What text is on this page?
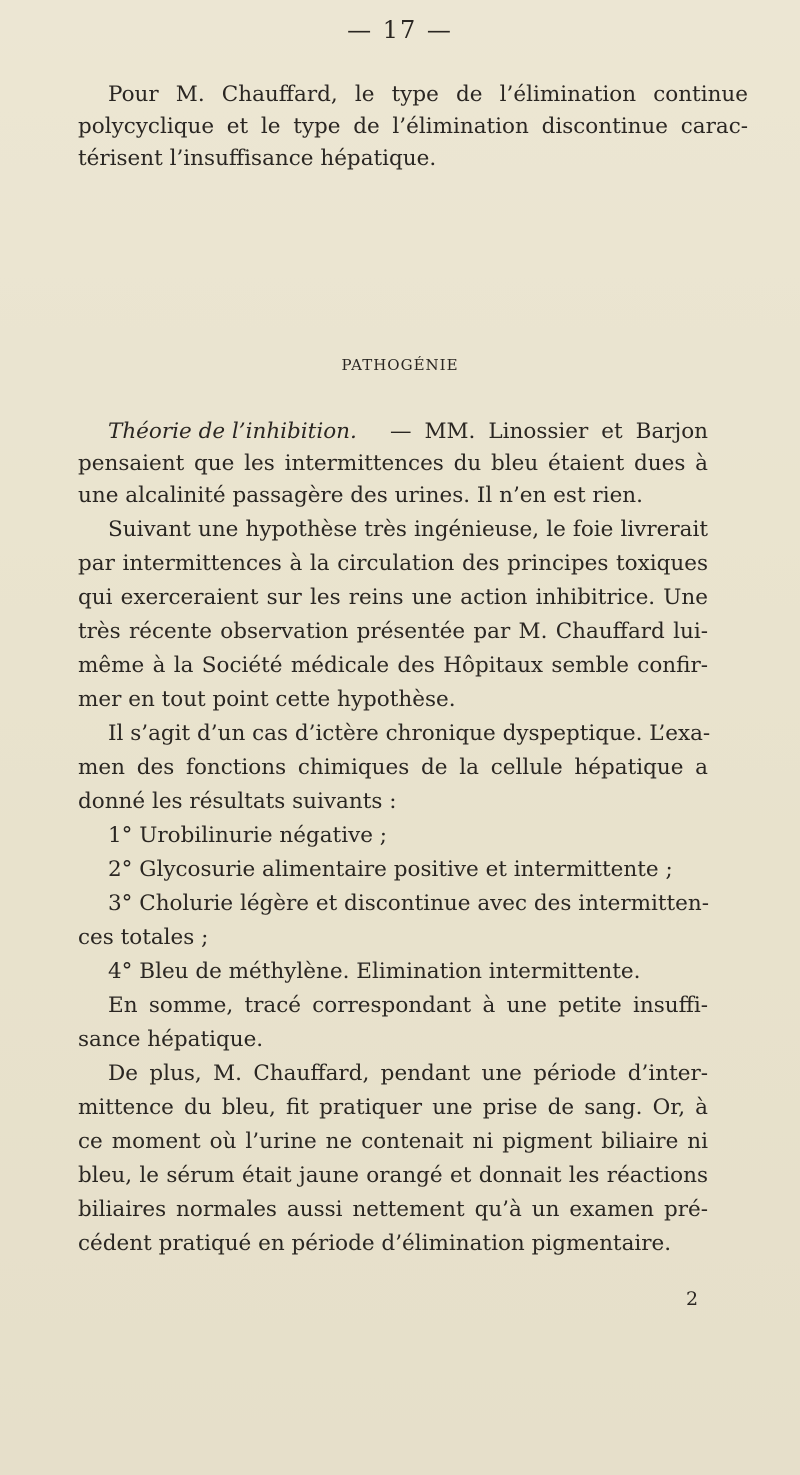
— 17 —
Pour M. Chauffard, le type de l’élimination continue
polycyclique et le type de l’élimination discontinue carac-
térisent l’insuffisance hépatique.
PATHOGÉNIE
Théorie de l’inhibition. — MM. Linossier et Barjon
pensaient que les intermittences du bleu étaient dues à
une alcalinité passagère des urines. Il n’en est rien.
Suivant une hypothèse très ingénieuse, le foie livrerait
par intermittences à la circulation des principes toxiques
qui exerceraient sur les reins une action inhibitrice. Une
très récente observation présentée par M. Chauffard lui-
même à la Société médicale des Hôpitaux semble confir-
mer en tout point cette hypothèse.
Il s’agit d’un cas d’ictère chronique dyspeptique. L’exa-
men des fonctions chimiques de la cellule hépatique a
donné les résultats suivants :
1° Urobilinurie négative ;
2° Glycosurie alimentaire positive et intermittente ;
3° Cholurie légère et discontinue avec des intermitten-
ces totales ;
4° Bleu de méthylène. Elimination intermittente.
En somme, tracé correspondant à une petite insuffi-
sance hépatique.
De plus, M. Chauffard, pendant une période d’inter-
mittence du bleu, fit pratiquer une prise de sang. Or, à
ce moment où l’urine ne contenait ni pigment biliaire ni
bleu, le sérum était jaune orangé et donnait les réactions
biliaires normales aussi nettement qu’à un examen pré-
cédent pratiqué en période d’élimination pigmentaire.
2
